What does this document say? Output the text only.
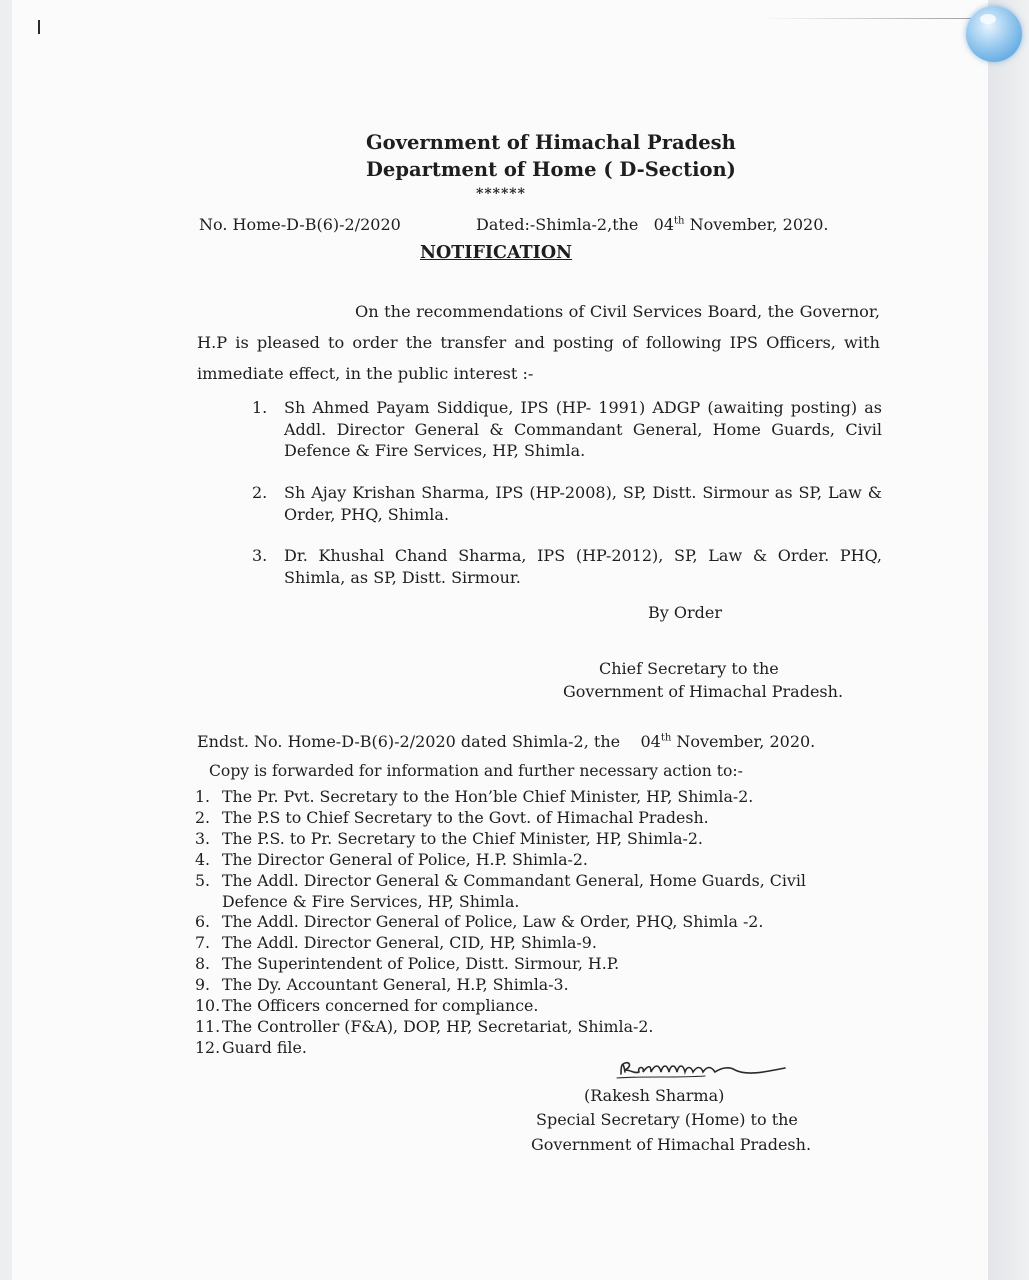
Government of Himachal Pradesh
Department of Home ( D-Section)
******
No. Home-D-B(6)-2/2020	Dated:-Shimla-2,the 04th November, 2020.
NOTIFICATION
On the recommendations of Civil Services Board, the Governor, H.P is pleased to order the transfer and posting of following IPS Officers, with immediate effect, in the public interest :-
1.	Sh Ahmed Payam Siddique, IPS (HP- 1991) ADGP (awaiting posting) as Addl. Director General & Commandant General, Home Guards, Civil Defence & Fire Services, HP, Shimla.
2.	Sh Ajay Krishan Sharma, IPS (HP-2008), SP, Distt. Sirmour as SP, Law & Order, PHQ, Shimla.
3.	Dr. Khushal Chand Sharma, IPS (HP-2012), SP, Law & Order. PHQ, Shimla, as SP, Distt. Sirmour.
By Order
Chief Secretary to the
Government of Himachal Pradesh.
Endst. No. Home-D-B(6)-2/2020 dated Shimla-2, the 04th November, 2020.
Copy is forwarded for information and further necessary action to:-
1. The Pr. Pvt. Secretary to the Hon’ble Chief Minister, HP, Shimla-2.
2. The P.S to Chief Secretary to the Govt. of Himachal Pradesh.
3. The P.S. to Pr. Secretary to the Chief Minister, HP, Shimla-2.
4. The Director General of Police, H.P. Shimla-2.
5. The Addl. Director General & Commandant General, Home Guards, Civil Defence & Fire Services, HP, Shimla.
6. The Addl. Director General of Police, Law & Order, PHQ, Shimla -2.
7. The Addl. Director General, CID, HP, Shimla-9.
8. The Superintendent of Police, Distt. Sirmour, H.P.
9. The Dy. Accountant General, H.P, Shimla-3.
10. The Officers concerned for compliance.
11. The Controller (F&A), DOP, HP, Secretariat, Shimla-2.
12. Guard file.
(Rakesh Sharma)
Special Secretary (Home) to the
Government of Himachal Pradesh.
